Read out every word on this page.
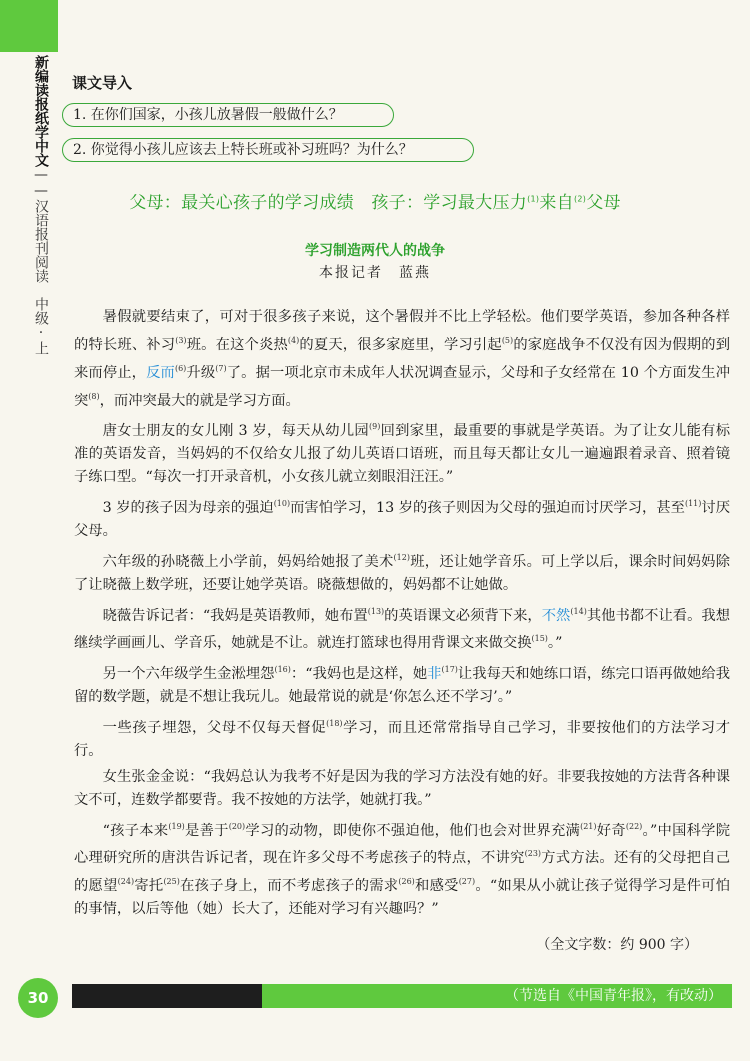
新编读报纸学中文——汉语报刊阅读　中级·上
课文导入
1. 在你们国家，小孩儿放暑假一般做什么？
2. 你觉得小孩儿应该去上特长班或补习班吗？为什么？
父母：最关心孩子的学习成绩　孩子：学习最大压力$^{(1)}$来自$^{(2)}$父母
学习制造两代人的战争
本报记者　蓝燕

暑假就要结束了，可对于很多孩子来说，这个暑假并不比上学轻松。他们要学英语，参加各种各样的特长班、补习$^{(3)}$班。在这个炎热$^{(4)}$的夏天，很多家庭里，学习引起$^{(5)}$的家庭战争不仅没有因为假期的到来而停止，反而$^{(6)}$升级$^{(7)}$了。据一项北京市未成年人状况调查显示，父母和子女经常在 10 个方面发生冲突$^{(8)}$，而冲突最大的就是学习方面。

唐女士朋友的女儿刚 3 岁，每天从幼儿园$^{(9)}$回到家里，最重要的事就是学英语。为了让女儿能有标准的英语发音，当妈妈的不仅给女儿报了幼儿英语口语班，而且每天都让女儿一遍遍跟着录音、照着镜子练口型。“每次一打开录音机，小女孩儿就立刻眼泪汪汪。”

3 岁的孩子因为母亲的强迫$^{(10)}$而害怕学习，13 岁的孩子则因为父母的强迫而讨厌学习，甚至$^{(11)}$讨厌父母。

六年级的孙晓薇上小学前，妈妈给她报了美术$^{(12)}$班，还让她学音乐。可上学以后，课余时间妈妈除了让晓薇上数学班，还要让她学英语。晓薇想做的，妈妈都不让她做。

晓薇告诉记者：“我妈是英语教师，她布置$^{(13)}$的英语课文必须背下来，不然$^{(14)}$其他书都不让看。我想继续学画画儿、学音乐，她就是不让。就连打篮球也得用背课文来做交换$^{(15)}$。”

另一个六年级学生金淞埋怨$^{(16)}$：“我妈也是这样，她非$^{(17)}$让我每天和她练口语，练完口语再做她给我留的数学题，就是不想让我玩儿。她最常说的就是‘你怎么还不学习’。”

一些孩子埋怨，父母不仅每天督促$^{(18)}$学习，而且还常常指导自己学习，非要按他们的方法学习才行。

女生张金金说：“我妈总认为我考不好是因为我的学习方法没有她的好。非要我按她的方法背各种课文不可，连数学都要背。我不按她的方法学，她就打我。”

“孩子本来$^{(19)}$是善于$^{(20)}$学习的动物，即使你不强迫他，他们也会对世界充满$^{(21)}$好奇$^{(22)}$。”中国科学院心理研究所的唐洪告诉记者，现在许多父母不考虑孩子的特点，不讲究$^{(23)}$方式方法。还有的父母把自己的愿望$^{(24)}$寄托$^{(25)}$在孩子身上，而不考虑孩子的需求$^{(26)}$和感受$^{(27)}$。“如果从小就让孩子觉得学习是件可怕的事情，以后等他（她）长大了，还能对学习有兴趣吗？”

（全文字数：约 900 字）
30	（节选自《中国青年报》，有改动）
